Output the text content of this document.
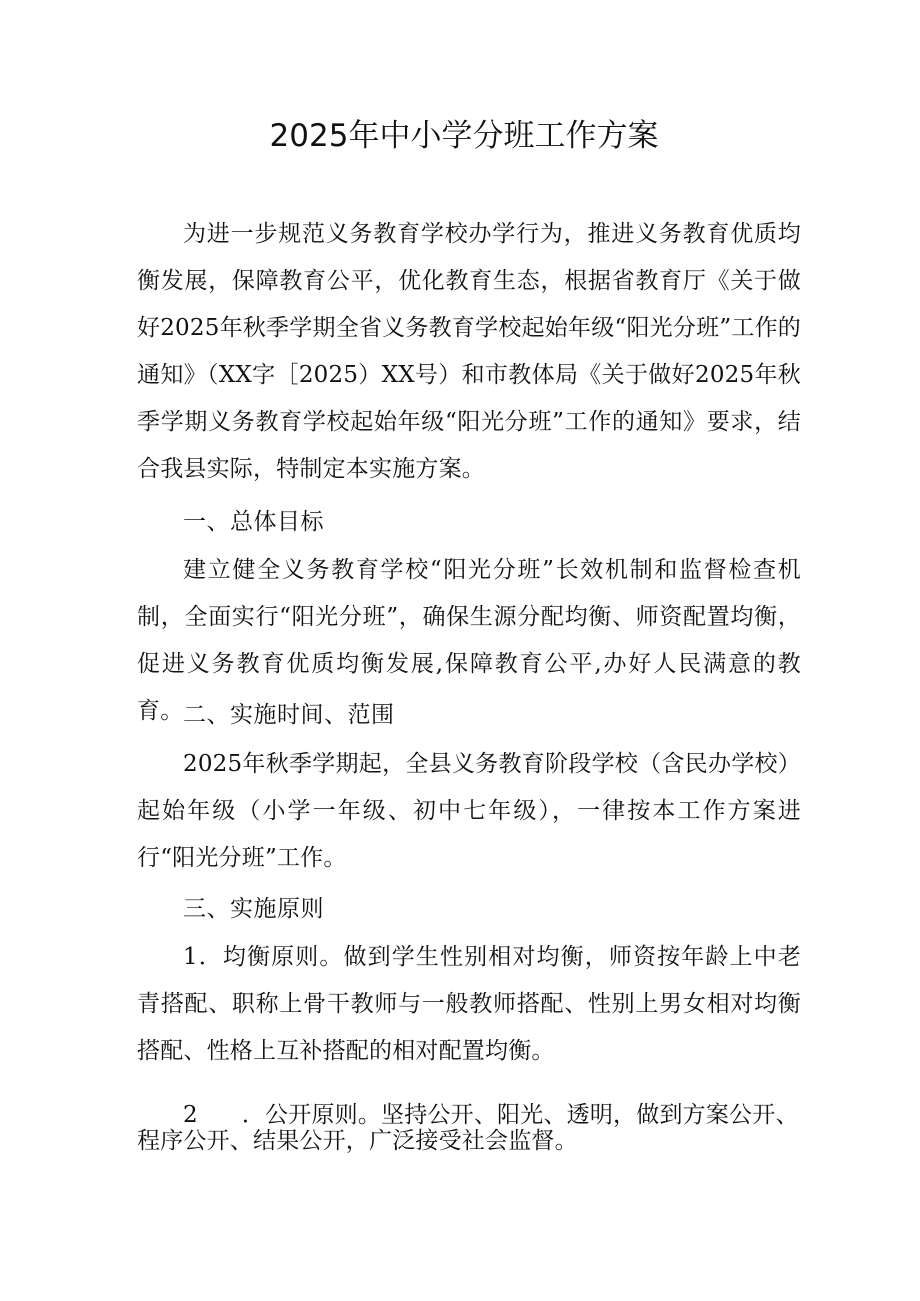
2025年中小学分班工作方案

为进一步规范义务教育学校办学行为，推进义务教育优质均衡发展，保障教育公平，优化教育生态，根据省教育厅《关于做好2025年秋季学期全省义务教育学校起始年级“阳光分班”工作的通知》（XX字［2025）XX号）和市教体局《关于做好2025年秋季学期义务教育学校起始年级“阳光分班”工作的通知》要求，结合我县实际，特制定本实施方案。

一、总体目标

建立健全义务教育学校“阳光分班”长效机制和监督检查机制，全面实行“阳光分班”，确保生源分配均衡、师资配置均衡，促进义务教育优质均衡发展,保障教育公平,办好人民满意的教育。 二、实施时间、范围

2025年秋季学期起，全县义务教育阶段学校（含民办学校）起始年级（小学一年级、初中七年级），一律按本工作方案进行“阳光分班”工作。

三、实施原则

1．均衡原则。做到学生性别相对均衡，师资按年龄上中老青搭配、职称上骨干教师与一般教师搭配、性别上男女相对均衡搭配、性格上互补搭配的相对配置均衡。

2 ．公开原则。坚持公开、阳光、透明，做到方案公开、

程序公开、结果公开，广泛接受社会监督。
